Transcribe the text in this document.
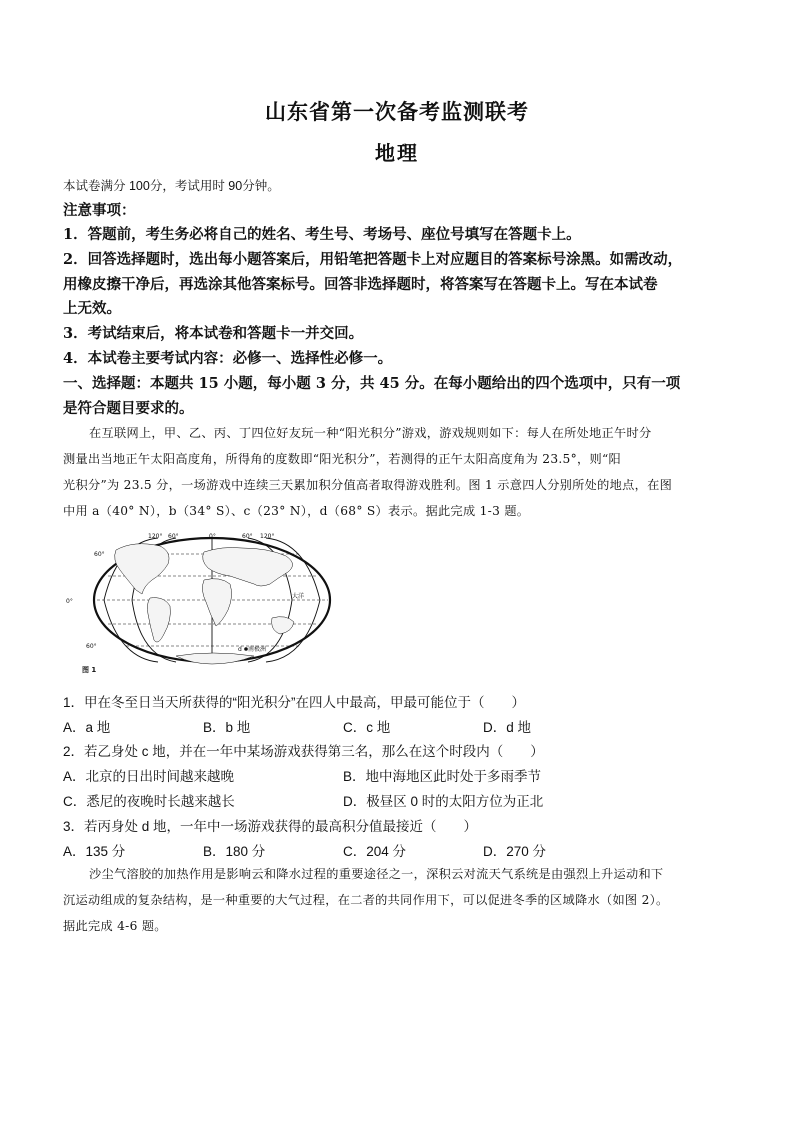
山东省第一次备考监测联考
地理
本试卷满分 100分，考试用时 90分钟。
注意事项：
1．答题前，考生务必将自己的姓名、考生号、考场号、座位号填写在答题卡上。
2．回答选择题时，选出每小题答案后，用铅笔把答题卡上对应题目的答案标号涂黑。如需改动，
用橡皮擦干净后，再选涂其他答案标号。回答非选择题时，将答案写在答题卡上。写在本试卷
上无效。
3．考试结束后，将本试卷和答题卡一并交回。
4．本试卷主要考试内容：必修一、选择性必修一。
一、选择题：本题共 15 小题，每小题 3 分，共 45 分。在每小题给出的四个选项中，只有一项
是符合题目要求的。

在互联网上，甲、乙、丙、丁四位好友玩一种“阳光积分”游戏，游戏规则如下：每人在所处地正午时分

测量出当地正午太阳高度角，所得角的度数即“阳光积分”，若测得的正午太阳高度角为 23.5°，则“阳

光积分”为 23.5 分，一场游戏中连续三天累加积分值高者取得游戏胜利。图 1 示意四人分别所处的地点，在图

中用 a（40° N），b（34° S）、c（23° N），d（68° S）表示。据此完成 1-3 题。

120° 60°	0°	60° 120°
60°
0°
60°
大洋
南极洲
d
图 1
1．甲在冬至日当天所获得的“阳光积分”在四人中最高，甲最可能位于（　　）
A．a 地	B．b 地	C．c 地	D．d 地
2．若乙身处 c 地，并在一年中某场游戏获得第三名，那么在这个时段内（　　）
A．北京的日出时间越来越晚	B．地中海地区此时处于多雨季节
C．悉尼的夜晚时长越来越长	D．极昼区 0 时的太阳方位为正北
3．若丙身处 d 地，一年中一场游戏获得的最高积分值最接近（　　）
A．135 分	B．180 分	C．204 分	D．270 分

沙尘气溶胶的加热作用是影响云和降水过程的重要途径之一，深积云对流天气系统是由强烈上升运动和下

沉运动组成的复杂结构，是一种重要的大气过程，在二者的共同作用下，可以促进冬季的区域降水（如图 2）。

据此完成 4-6 题。
